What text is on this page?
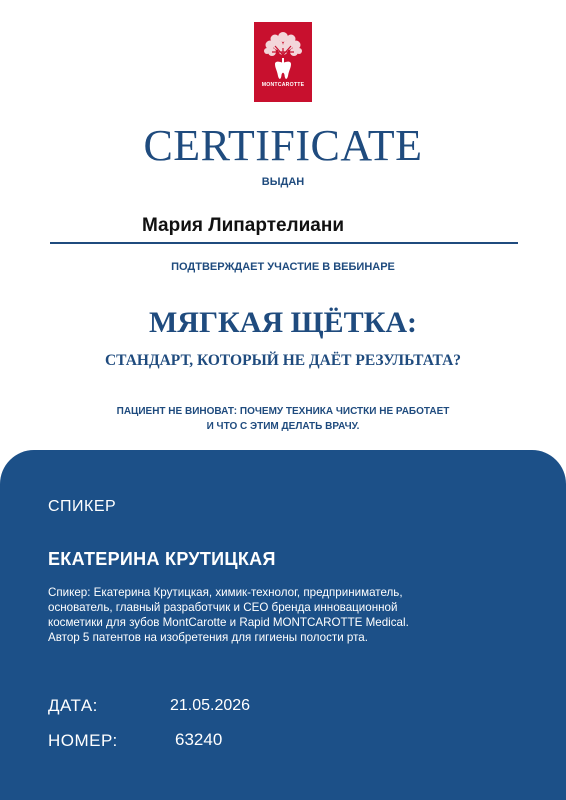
MONTCAROTTE
CERTIFICATE
ВЫДАН
Мария Липартелиани
ПОДТВЕРЖДАЕТ УЧАСТИЕ В ВЕБИНАРЕ
МЯГКАЯ ЩЁТКА:
СТАНДАРТ, КОТОРЫЙ НЕ ДАЁТ РЕЗУЛЬТАТА?
ПАЦИЕНТ НЕ ВИНОВАТ: ПОЧЕМУ ТЕХНИКА ЧИСТКИ НЕ РАБОТАЕТ
И ЧТО С ЭТИМ ДЕЛАТЬ ВРАЧУ.
СПИКЕР
ЕКАТЕРИНА КРУТИЦКАЯ
Спикер: Екатерина Крутицкая, химик-технолог, предприниматель,
основатель, главный разработчик и CEO бренда инновационной
косметики для зубов MontCarotte и Rapid MONTCAROTTE Medical.
Автор 5 патентов на изобретения для гигиены полости рта.
ДАТА:	21.05.2026
НОМЕР:	63240
